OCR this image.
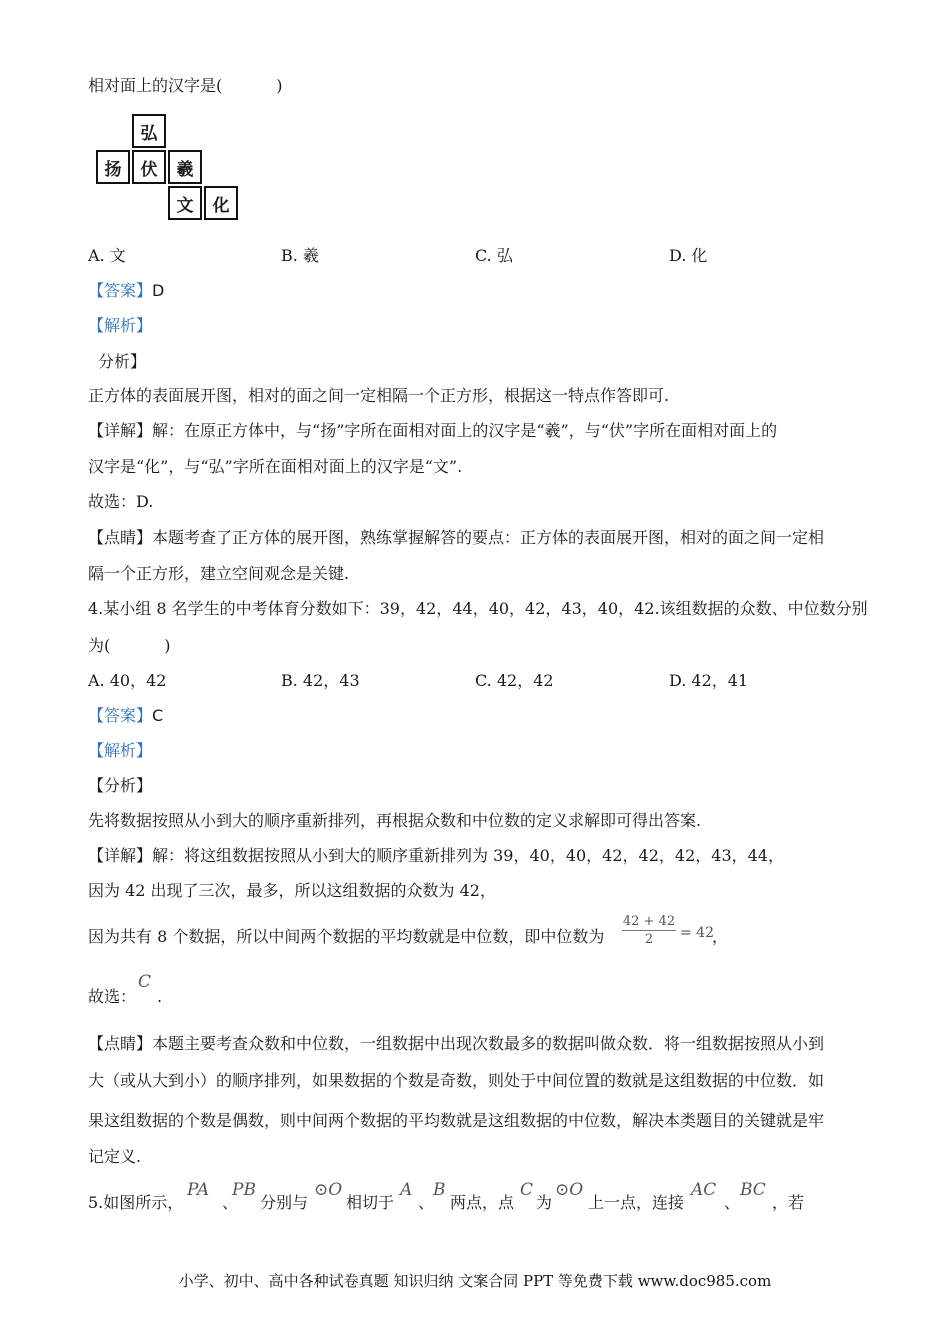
相对面上的汉字是(	)
弘
扬	伏	羲
文	化
A. 文	B. 羲	C. 弘	D. 化
【答案】D
【解析】
分析】
正方体的表面展开图，相对的面之间一定相隔一个正方形，根据这一特点作答即可.
【详解】解：在原正方体中，与“扬”字所在面相对面上的汉字是“羲”，与“伏”字所在面相对面上的
汉字是“化”，与“弘”字所在面相对面上的汉字是“文”.
故选：D.
【点睛】本题考查了正方体的展开图，熟练掌握解答的要点：正方体的表面展开图，相对的面之间一定相
隔一个正方形，建立空间观念是关键.
4.某小组 8 名学生的中考体育分数如下：39，42，44，40，42，43，40，42.该组数据的众数、中位数分别
为(	)
A. 40，42	B. 42，43	C. 42，42	D. 42，41
【答案】C
【解析】
【分析】
先将数据按照从小到大的顺序重新排列，再根据众数和中位数的定义求解即可得出答案.
【详解】解：将这组数据按照从小到大的顺序重新排列为 39，40，40，42，42，42，43，44，
因为 42 出现了三次，最多，所以这组数据的众数为 42，
因为共有 8 个数据，所以中间两个数据的平均数就是中位数，即中位数为 $\frac{42 + 42}{2} = 42$
，
故选：
C
.
【点睛】本题主要考查众数和中位数，一组数据中出现次数最多的数据叫做众数．将一组数据按照从小到
大（或从大到小）的顺序排列，如果数据的个数是奇数，则处于中间位置的数就是这组数据的中位数．如
果这组数据的个数是偶数，则中间两个数据的平均数就是这组数据的中位数，解决本类题目的关键就是牢
记定义.
5.如图所示，
PA
、
PB
分别与
⊙O
相切于
A
、
B
两点，点
C
为
⊙O
上一点，连接
AC
、
BC
，若
小学、初中、高中各种试卷真题 知识归纳 文案合同 PPT 等免费下载 www.doc985.com
